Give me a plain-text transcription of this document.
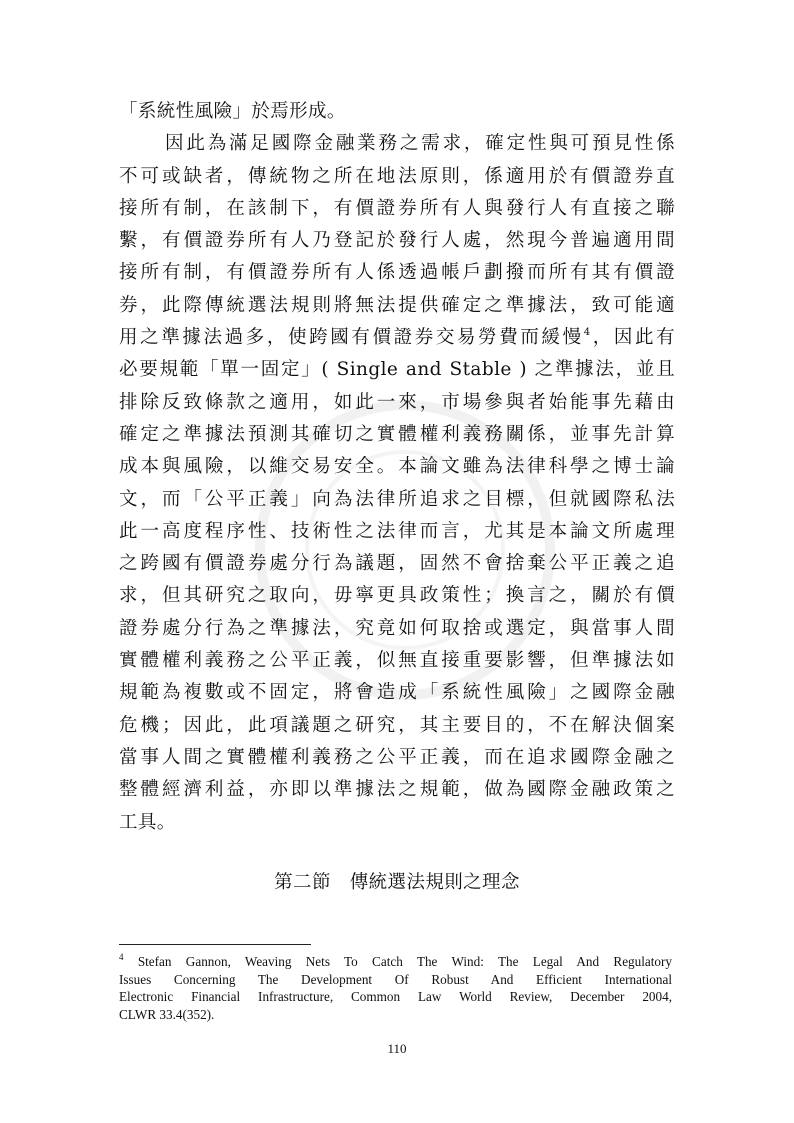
「系統性風險」於焉形成。
因此為滿足國際金融業務之需求，確定性與可預見性係
不可或缺者，傳統物之所在地法原則，係適用於有價證券直
接所有制，在該制下，有價證券所有人與發行人有直接之聯
繫，有價證券所有人乃登記於發行人處，然現今普遍適用間
接所有制，有價證券所有人係透過帳戶劃撥而所有其有價證
券，此際傳統選法規則將無法提供確定之準據法，致可能適
用之準據法過多，使跨國有價證券交易勞費而緩慢$^4$，因此有
必要規範「單一固定」( Single and Stable ) 之準據法，並且
排除反致條款之適用，如此一來，市場參與者始能事先藉由
確定之準據法預測其確切之實體權利義務關係，並事先計算
成本與風險，以維交易安全。本論文雖為法律科學之博士論
文，而「公平正義」向為法律所追求之目標，但就國際私法
此一高度程序性、技術性之法律而言，尤其是本論文所處理
之跨國有價證券處分行為議題，固然不會捨棄公平正義之追
求，但其研究之取向，毋寧更具政策性；換言之，關於有價
證券處分行為之準據法，究竟如何取捨或選定，與當事人間
實體權利義務之公平正義，似無直接重要影響，但準據法如
規範為複數或不固定，將會造成「系統性風險」之國際金融
危機；因此，此項議題之研究，其主要目的，不在解決個案
當事人間之實體權利義務之公平正義，而在追求國際金融之
整體經濟利益，亦即以準據法之規範，做為國際金融政策之
工具。
第二節　傳統選法規則之理念
$^4$ Stefan Gannon, Weaving Nets To Catch The Wind: The Legal And Regulatory
Issues Concerning The Development Of Robust And Efficient International
Electronic Financial Infrastructure, Common Law World Review, December 2004,
CLWR 33.4(352).
110
